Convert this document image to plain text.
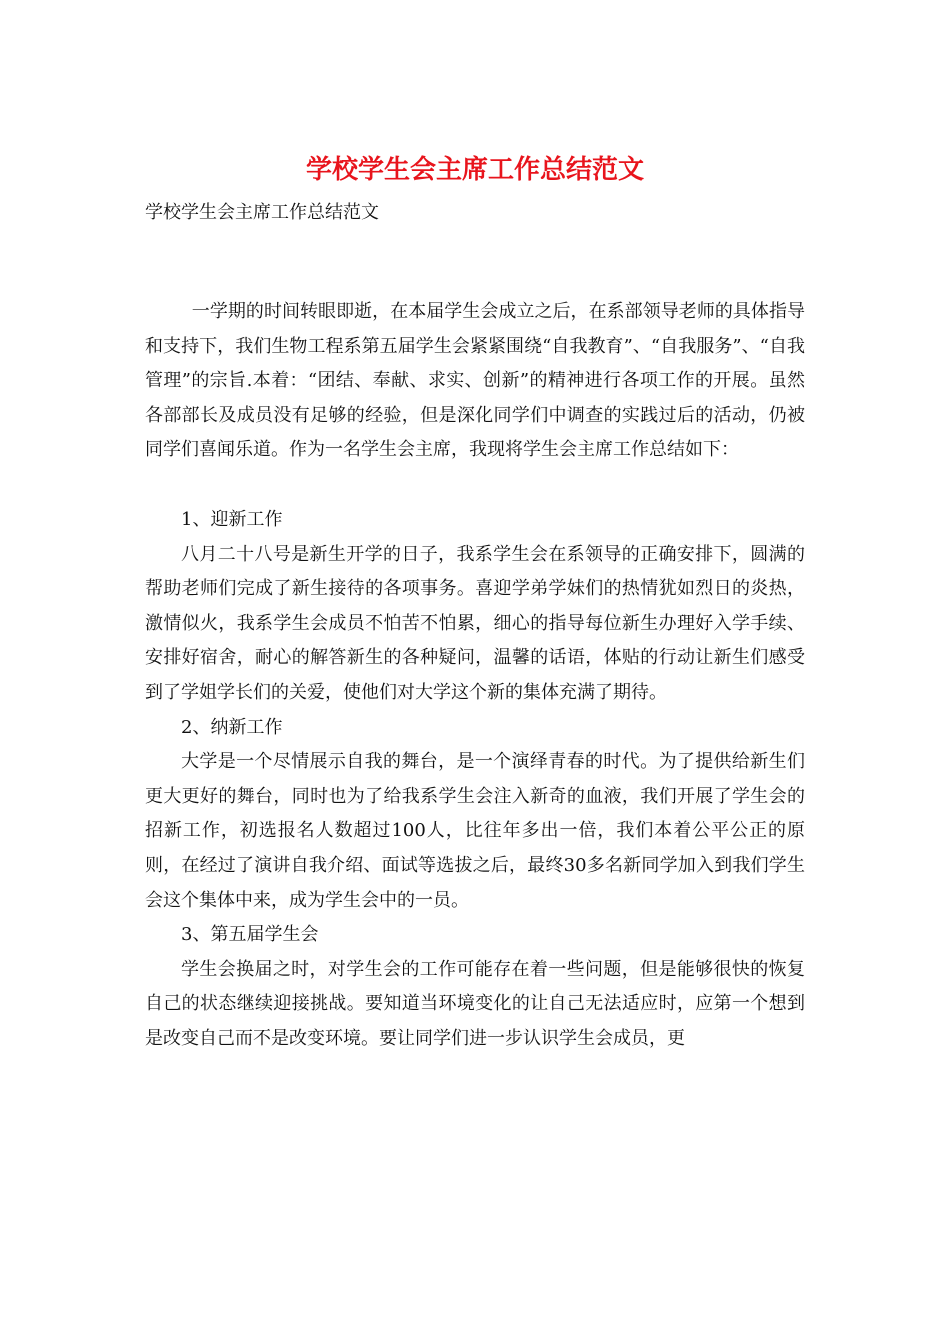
学校学生会主席工作总结范文

学校学生会主席工作总结范文

一学期的时间转眼即逝，在本届学生会成立之后，在系部领导老师的具体指导和支持下，我们生物工程系第五届学生会紧紧围绕“自我教育”、“自我服务”、“自我管理”的宗旨.本着：“团结、奉献、求实、创新”的精神进行各项工作的开展。虽然各部部长及成员没有足够的经验，但是深化同学们中调查的实践过后的活动，仍被同学们喜闻乐道。作为一名学生会主席，我现将学生会主席工作总结如下：

1、迎新工作

八月二十八号是新生开学的日子，我系学生会在系领导的正确安排下，圆满的帮助老师们完成了新生接待的各项事务。喜迎学弟学妹们的热情犹如烈日的炎热，激情似火，我系学生会成员不怕苦不怕累，细心的指导每位新生办理好入学手续、安排好宿舍，耐心的解答新生的各种疑问，温馨的话语，体贴的行动让新生们感受到了学姐学长们的关爱，使他们对大学这个新的集体充满了期待。

2、纳新工作

大学是一个尽情展示自我的舞台，是一个演绎青春的时代。为了提供给新生们更大更好的舞台，同时也为了给我系学生会注入新奇的血液，我们开展了学生会的招新工作，初选报名人数超过100人，比往年多出一倍，我们本着公平公正的原则，在经过了演讲自我介绍、面试等选拔之后，最终30多名新同学加入到我们学生会这个集体中来，成为学生会中的一员。

3、第五届学生会

学生会换届之时，对学生会的工作可能存在着一些问题，但是能够很快的恢复自己的状态继续迎接挑战。要知道当环境变化的让自己无法适应时，应第一个想到是改变自己而不是改变环境。要让同学们进一步认识学生会成员，更
